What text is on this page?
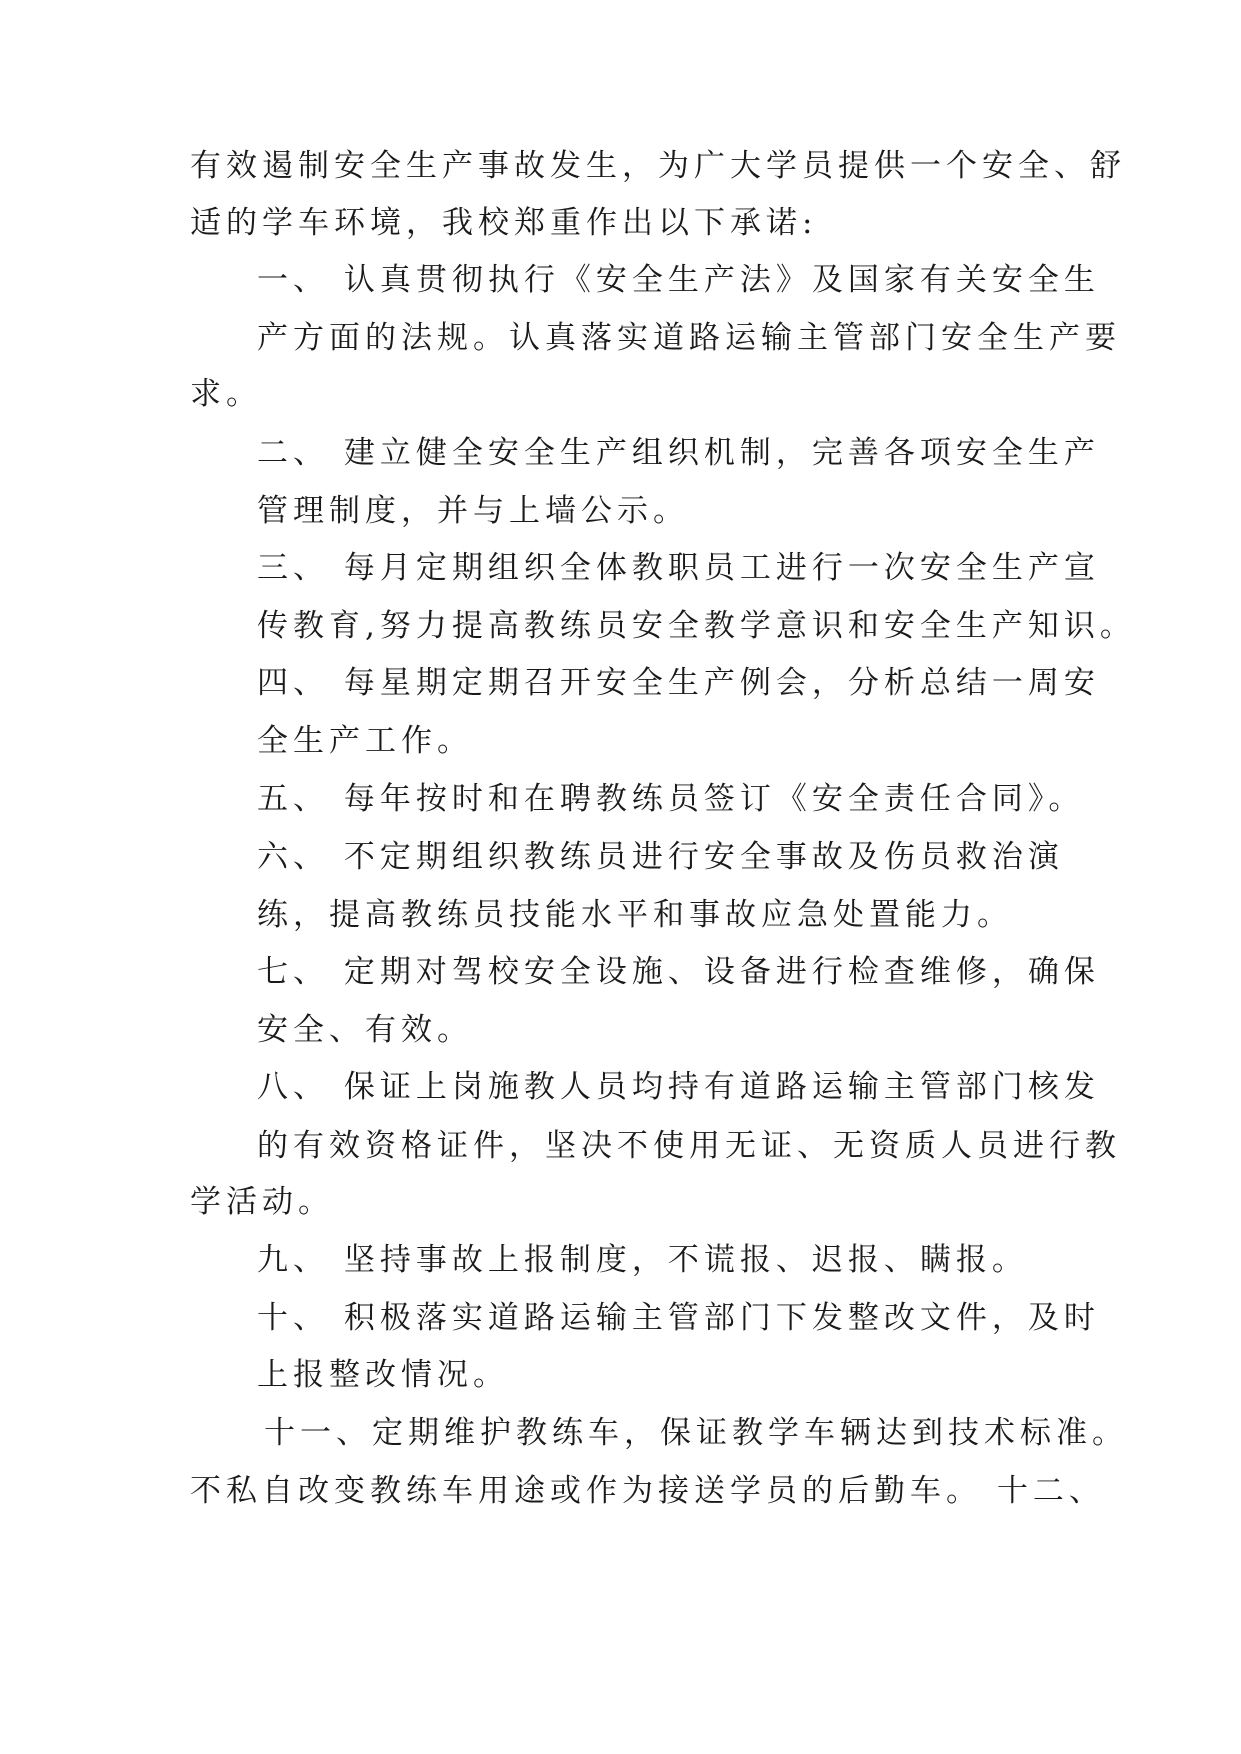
有效遏制安全生产事故发生，为广大学员提供一个安全、舒
适的学车环境，我校郑重作出以下承诺:
一、 认真贯彻执行《安全生产法》及国家有关安全生
产方面的法规。认真落实道路运输主管部门安全生产要
求。
二、 建立健全安全生产组织机制，完善各项安全生产
管理制度，并与上墙公示。
三、 每月定期组织全体教职员工进行一次安全生产宣
传教育,努力提高教练员安全教学意识和安全生产知识。
四、 每星期定期召开安全生产例会，分析总结一周安
全生产工作。
五、 每年按时和在聘教练员签订《安全责任合同》。
六、 不定期组织教练员进行安全事故及伤员救治演
练，提高教练员技能水平和事故应急处置能力。
七、 定期对驾校安全设施、设备进行检查维修，确保
安全、有效。
八、 保证上岗施教人员均持有道路运输主管部门核发
的有效资格证件，坚决不使用无证、无资质人员进行教
学活动。
九、 坚持事故上报制度，不谎报、迟报、瞒报。
十、 积极落实道路运输主管部门下发整改文件，及时
上报整改情况。
十一、定期维护教练车，保证教学车辆达到技术标准。
不私自改变教练车用途或作为接送学员的后勤车。 十二、
